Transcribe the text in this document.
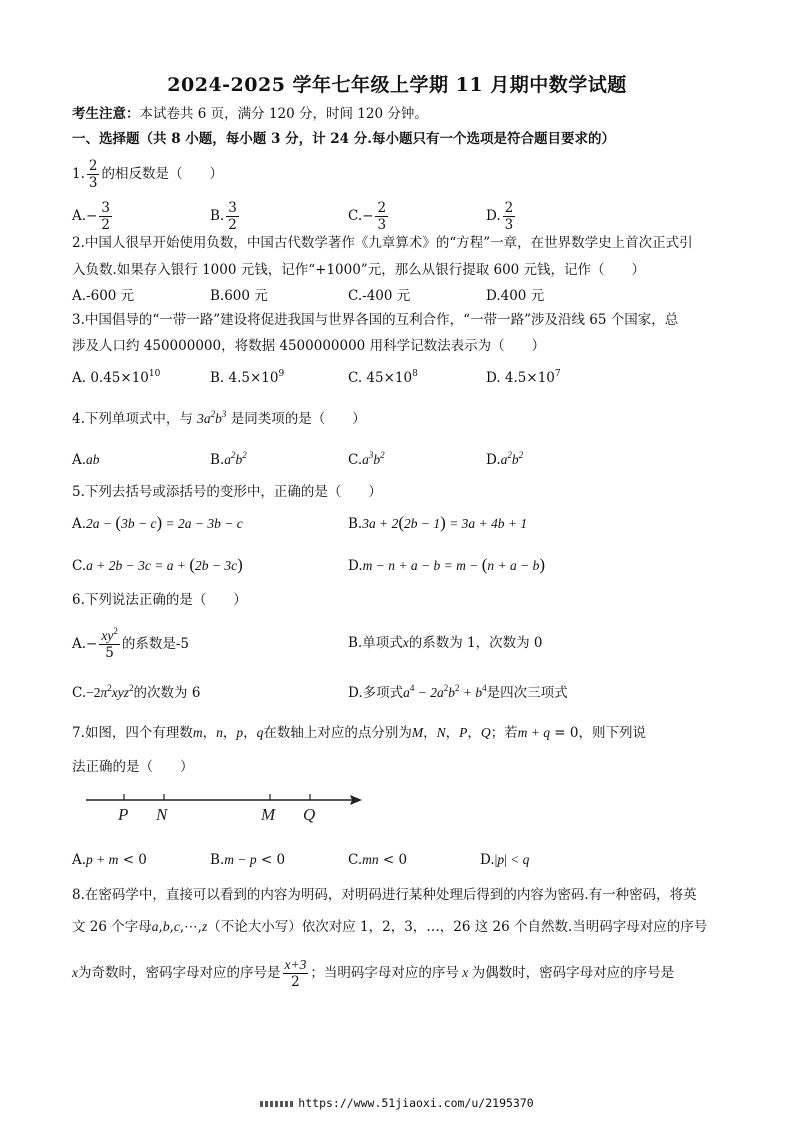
2024-2025 学年七年级上学期 11 月期中数学试题
考生注意：本试卷共 6 页，满分 120 分，时间 120 分钟。
一、选择题（共 8 小题，每小题 3 分，计 24 分.每小题只有一个选项是符合题目要求的）
1. $\frac{2}{3}$ 的相反数是（　　）
$A.- \frac{3}{2}$	B. $\frac{3}{2}$	$C.- \frac{2}{3}$	D. $\frac{2}{3}$
2.中国人很早开始使用负数，中国古代数学著作《九章算术》的“方程”一章，在世界数学史上首次正式引
入负数.如果存入银行 1000 元钱，记作“+1000”元，那么从银行提取 600 元钱，记作（　　）
A.-600 元	B.600 元	C.-400 元	D.400 元
3.中国倡导的“一带一路”建设将促进我国与世界各国的互利合作，“一带一路”涉及沿线 65 个国家，总
涉及人口约 450000000，将数据 4500000000 用科学记数法表示为（　　）
A. $0.45\times 10^{10}$	B. $4.5\times 10^9$	C. $45\times 10^8$	D. $4.5\times 10^7$
4.下列单项式中，与 $3a^2b^3$ 是同类项的是（　　）
A.ab	$B.a^2b^2$	$C.a^3b^2$	$D.a^2b^2$
5.下列去括号或添括号的变形中，正确的是（　　）
A.2a − (3b − c) = 2a − 3b − c	B.3a + 2(2b − 1) = 3a + 4b + 1
C.a + 2b − 3c = a + (2b − 3c)	D.m − n + a − b = m − (n + a − b)
6.下列说法正确的是（　　）
$A.- \frac{xy^2}{5}$ 的系数是-5	B.单项式x的系数为 1，次数为 0
$C.-2\pi^2xyz^2$的次数为 6	D.多项式$a^4 - 2a^2b^2 + b^4$是四次三项式
7.如图，四个有理数m，n，p，q在数轴上对应的点分别为M，N，P，Q；若m + q = 0，则下列说
法正确的是（　　）
P N	M Q
A.p + m < 0	B.m − p < 0	C.mn < 0	D.|p| < q
8.在密码学中，直接可以看到的内容为明码，对明码进行某种处理后得到的内容为密码.有一种密码，将英
文 26 个字母a,b,c,⋯,z（不论大小写）依次对应 1，2，3，…，26 这 26 个自然数.当明码字母对应的序号
x为奇数时，密码字母对应的序号是 $\frac{x+3}{2}$ ；当明码字母对应的序号 x 为偶数时，密码字母对应的序号是
https://www.51jiaoxi.com/u/2195370
